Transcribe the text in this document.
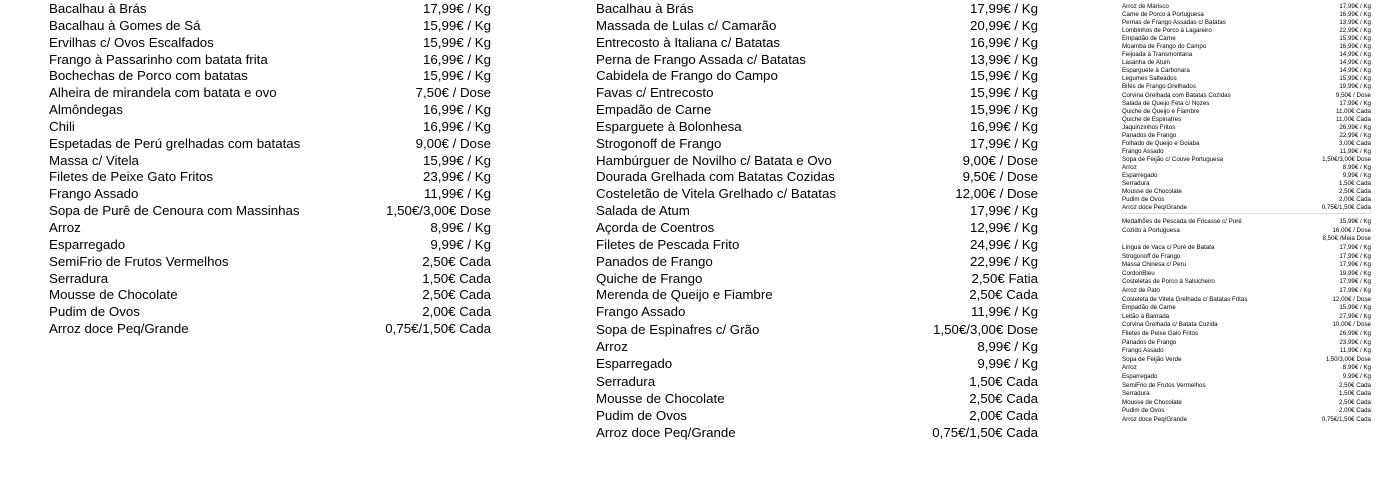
Bacalhau à Brás	17,99€ / Kg
Bacalhau à Gomes de Sá	15,99€ / Kg
Ervilhas c/ Ovos Escalfados	15,99€ / Kg
Frango à Passarinho com batata frita	16,99€ / Kg
Bochechas de Porco com batatas	15,99€ / Kg
Alheira de mirandela com batata e ovo	7,50€ / Dose
Almôndegas	16,99€ / Kg
Chili	16,99€ / Kg
Espetadas de Perú grelhadas com batatas	9,00€ / Dose
Massa c/ Vitela	15,99€ / Kg
Filetes de Peixe Gato Fritos	23,99€ / Kg
Frango Assado	11,99€ / Kg
Sopa de Purê de Cenoura com Massinhas	1,50€/3,00€ Dose
Arroz	8,99€ / Kg
Esparregado	9,99€ / Kg
SemiFrio de Frutos Vermelhos	2,50€ Cada
Serradura	1,50€ Cada
Mousse de Chocolate	2,50€ Cada
Pudim de Ovos	2,00€ Cada
Arroz doce Peq/Grande	0,75€/1,50€ Cada
Bacalhau à Brás	17,99€ / Kg
Massada de Lulas c/ Camarão	20,99€ / Kg
Entrecosto à Italiana c/ Batatas	16,99€ / Kg
Perna de Frango Assada c/ Batatas	13,99€ / Kg
Cabidela de Frango do Campo	15,99€ / Kg
Favas c/ Entrecosto	15,99€ / Kg
Empadão de Carne	15,99€ / Kg
Esparguete à Bolonhesa	16,99€ / Kg
Strogonoff de Frango	17,99€ / Kg
Hambúrguer de Novilho c/ Batata e Ovo	9,00€ / Dose
Dourada Grelhada com Batatas Cozidas	9,50€ / Dose
Costeletão de Vitela Grelhado c/ Batatas	12,00€ / Dose
Salada de Atum	17,99€ / Kg
Açorda de Coentros	12,99€ / Kg
Filetes de Pescada Frito	24,99€ / Kg
Panados de Frango	22,99€ / Kg
Quiche de Frango	2,50€ Fatia
Merenda de Queijo e Fiambre	2,50€ Cada
Frango Assado	11,99€ / Kg
Sopa de Espinafres c/ Grão	1,50€/3,00€ Dose
Arroz	8,99€ / Kg
Esparregado	9,99€ / Kg
Serradura	1,50€ Cada
Mousse de Chocolate	2,50€ Cada
Pudim de Ovos	2,00€ Cada
Arroz doce Peq/Grande	0,75€/1,50€ Cada
Arroz de Marisco	17,99€ / Kg
Carne de Porco à Portuguesa	16,99€ / Kg
Pernas de Frango Assadas c/ Batatas	13,99€ / Kg
Lombinhos de Porco à Lagareiro	22,99€ / Kg
Empadão de Carne	15,99€ / Kg
Moamba de Frango do Campo	16,99€ / Kg
Feijoada à Transmontana	14,99€ / Kg
Lasanha de Atum	14,99€ / Kg
Esparguete à Carbonara	14,99€ / Kg
Legumes Salteados	15,99€ / Kg
Bifes de Frango Grelhados	19,99€ / Kg
Corvina Grelhada com Batatas Cozidas	9,50€ / Dose
Salada de Queijo Feta c/ Nozes	17,99€ / Kg
Quiche de Queijo e Fiambre	11,00€ Cada
Quiche de Espinafres	11,00€ Cada
Jaquinzinhos Fritos	26,99€ / Kg
Panados de Frango	22,99€ / Kg
Folhado de Queijo e Goiaba	3,00€ Cada
Frango Assado	11,99€ / Kg
Sopa de Feijão c/ Couve Portuguesa	1,50€/3,00€ Dose
Arroz	8,99€ / Kg
Esparregado	9,99€ / Kg
Serradura	1,50€ Cada
Mousse de Chocolate	2,50€ Cada
Pudim de Ovos	2,00€ Cada
Arroz doce Peq/Grande	0,75€/1,50€ Cada
Medalhões de Pescada de Fricassé c/ Puré	15,99€ / Kg
Cozido à Portuguesa	16,00€ / Dose
8,50€ /Meia Dose
Língua de Vaca c/ Puré de Batata	17,99€ / Kg
Strogonoff de Frango	17,99€ / Kg
Massa Chinesa c/ Peru	17,99€ / Kg
CordonBleu	19,99€ / Kg
Costeletas de Porco à Salsicheiro	17,99€ / Kg
Arroz de Pato	17,99€ / Kg
Costeleta de Vitela Grelhada c/ Batatas Fritas	12,00€ / Dose
Empadão de Carne	15,99€ / Kg
Leitão à Bairrada	27,99€ / Kg
Corvina Grelhada c/ Batata Cozida	10,00€ / Dose
Filetes de Peixe Galo Fritos	26,99€ / Kg
Panados de Frango	23,99€ / Kg
Frango Assado	11,99€ / Kg
Sopa de Feijão Verde	1,50/3,00€ Dose
Arroz	8,99€ / Kg
Esparregado	9,99€ / Kg
SemiFrio de Frutos Vermelhos	2,50€ Cada
Serradura	1,50€ Cada
Mousse de Chocolate	2,50€ Cada
Pudim de Ovos	2,00€ Cada
Arroz doce Peq/Grande	0,75€/1,50€ Cada
